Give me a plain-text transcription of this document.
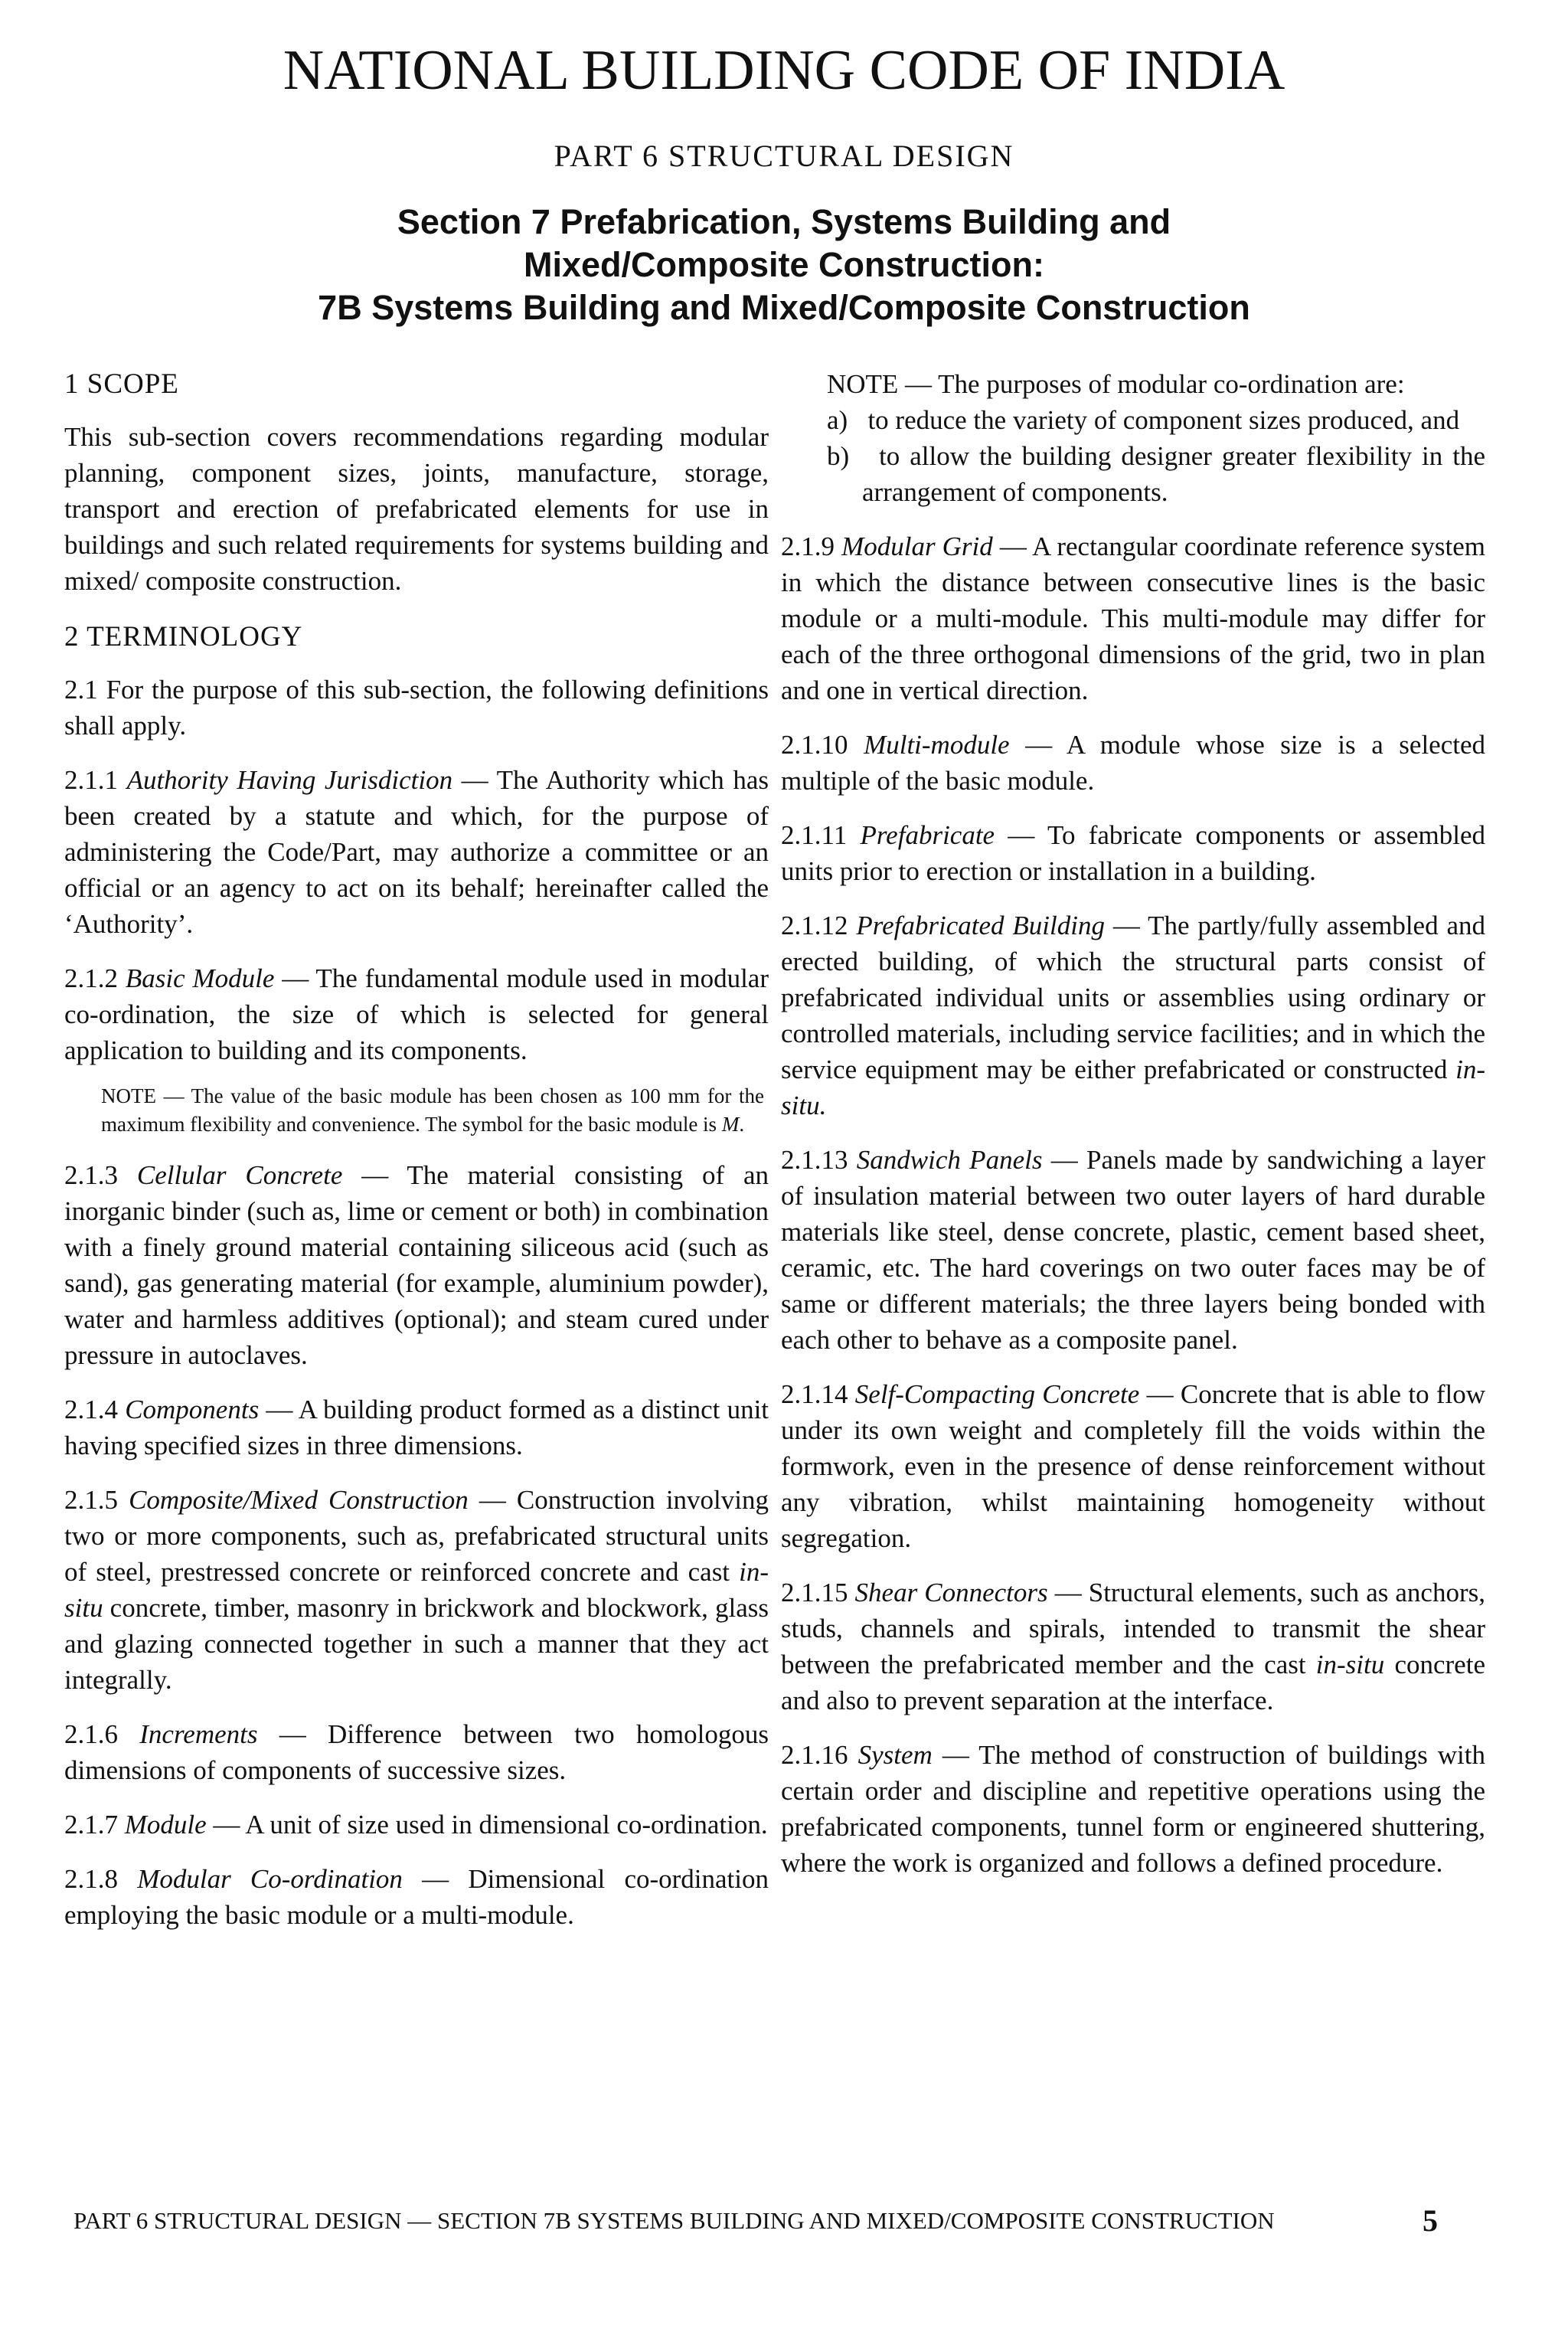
NATIONAL BUILDING CODE OF INDIA
PART 6 STRUCTURAL DESIGN
Section 7 Prefabrication, Systems Building and
Mixed/Composite Construction:
7B Systems Building and Mixed/Composite Construction
1 SCOPE

This sub-section covers recommendations regarding modular planning, component sizes, joints, manufacture, storage, transport and erection of prefabricated elements for use in buildings and such related requirements for systems building and mixed/ composite construction.

2 TERMINOLOGY

2.1 For the purpose of this sub-section, the following definitions shall apply.

2.1.1 Authority Having Jurisdiction — The Authority which has been created by a statute and which, for the purpose of administering the Code/Part, may authorize a committee or an official or an agency to act on its behalf; hereinafter called the ‘Authority’.

2.1.2 Basic Module — The fundamental module used in modular co-ordination, the size of which is selected for general application to building and its components.

NOTE — The value of the basic module has been chosen as 100 mm for the maximum flexibility and convenience. The symbol for the basic module is M.

2.1.3 Cellular Concrete — The material consisting of an inorganic binder (such as, lime or cement or both) in combination with a finely ground material containing siliceous acid (such as sand), gas generating material (for example, aluminium powder), water and harmless additives (optional); and steam cured under pressure in autoclaves.

2.1.4 Components — A building product formed as a distinct unit having specified sizes in three dimensions.

2.1.5 Composite/Mixed Construction — Construction involving two or more components, such as, prefabricated structural units of steel, prestressed concrete or reinforced concrete and cast in-situ concrete, timber, masonry in brickwork and blockwork, glass and glazing connected together in such a manner that they act integrally.

2.1.6 Increments — Difference between two homologous dimensions of components of successive sizes.

2.1.7 Module — A unit of size used in dimensional co-ordination.

2.1.8 Modular Co-ordination — Dimensional co-ordination employing the basic module or a multi-module.

NOTE — The purposes of modular co-ordination are:

a) to reduce the variety of component sizes produced, and

b) to allow the building designer greater flexibility in the arrangement of components.

2.1.9 Modular Grid — A rectangular coordinate reference system in which the distance between consecutive lines is the basic module or a multi-module. This multi-module may differ for each of the three orthogonal dimensions of the grid, two in plan and one in vertical direction.

2.1.10 Multi-module — A module whose size is a selected multiple of the basic module.

2.1.11 Prefabricate — To fabricate components or assembled units prior to erection or installation in a building.

2.1.12 Prefabricated Building — The partly/fully assembled and erected building, of which the structural parts consist of prefabricated individual units or assemblies using ordinary or controlled materials, including service facilities; and in which the service equipment may be either prefabricated or constructed in-situ.

2.1.13 Sandwich Panels — Panels made by sandwiching a layer of insulation material between two outer layers of hard durable materials like steel, dense concrete, plastic, cement based sheet, ceramic, etc. The hard coverings on two outer faces may be of same or different materials; the three layers being bonded with each other to behave as a composite panel.

2.1.14 Self-Compacting Concrete — Concrete that is able to flow under its own weight and completely fill the voids within the formwork, even in the presence of dense reinforcement without any vibration, whilst maintaining homogeneity without segregation.

2.1.15 Shear Connectors — Structural elements, such as anchors, studs, channels and spirals, intended to transmit the shear between the prefabricated member and the cast in-situ concrete and also to prevent separation at the interface.

2.1.16 System — The method of construction of buildings with certain order and discipline and repetitive operations using the prefabricated components, tunnel form or engineered shuttering, where the work is organized and follows a defined procedure.

PART 6 STRUCTURAL DESIGN — SECTION 7B SYSTEMS BUILDING AND MIXED/COMPOSITE CONSTRUCTION	5
